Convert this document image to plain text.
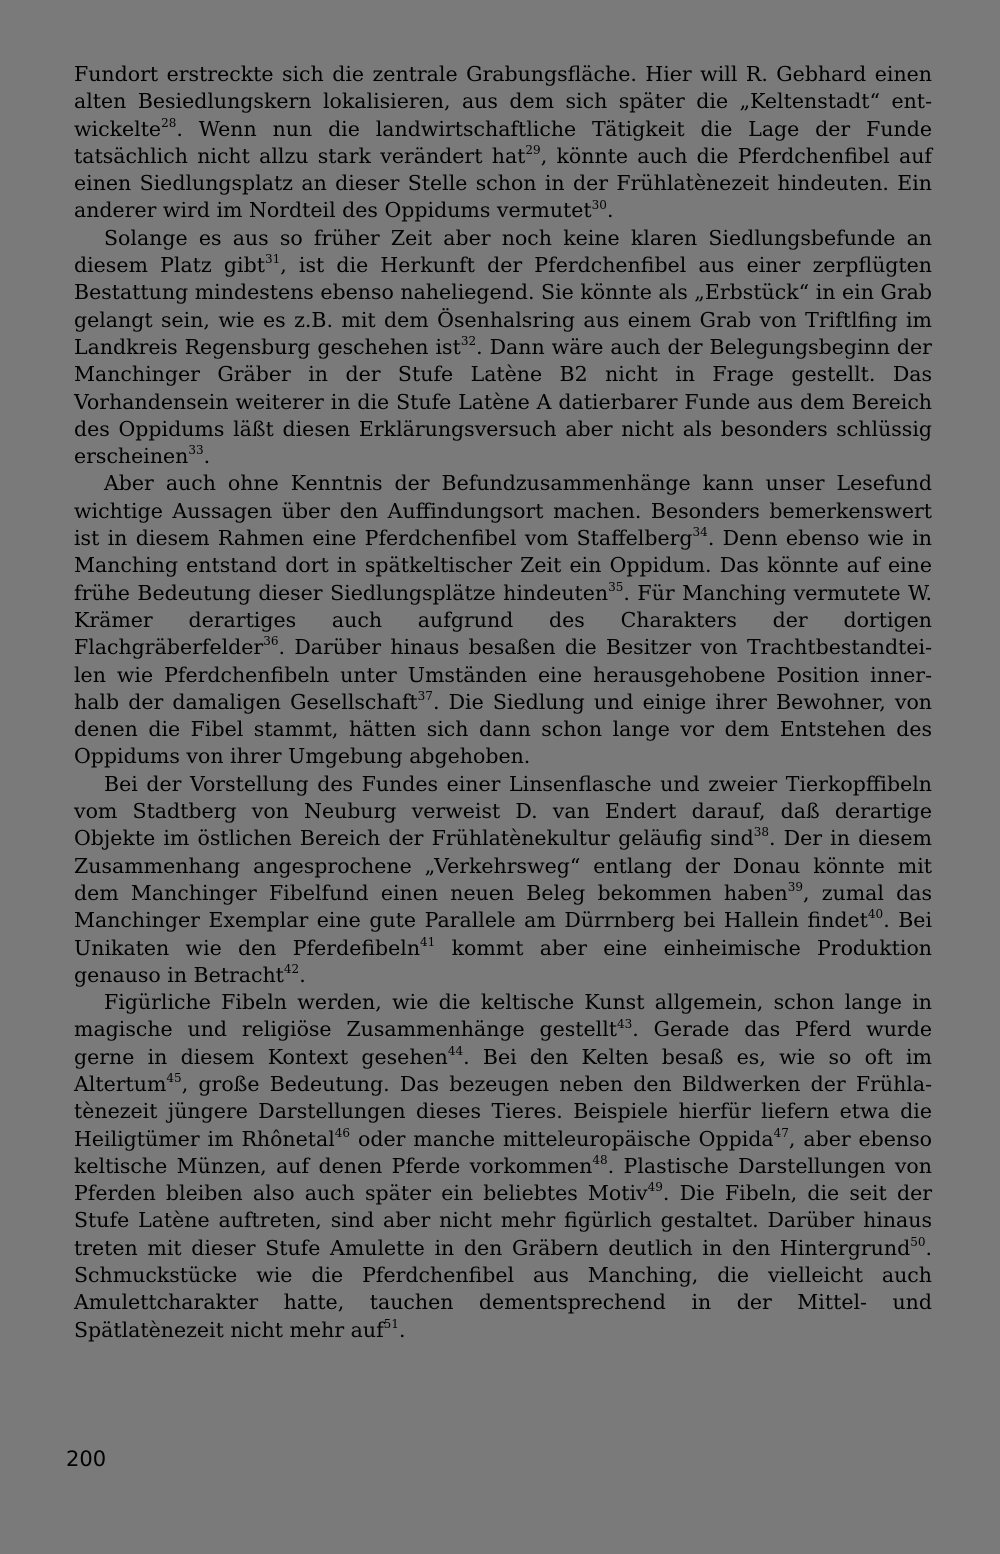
Fundort erstreckte sich die zentrale Grabungsfläche. Hier will R. Gebhard einen alten Besiedlungskern lokalisieren, aus dem sich später die „Keltenstadt“ entwickelte$^{28}$. Wenn nun die landwirtschaftliche Tätigkeit die Lage der Funde tatsächlich nicht allzu stark verändert hat$^{29}$, könnte auch die Pferdchenfibel auf einen Siedlungsplatz an dieser Stelle schon in der Frühlatènezeit hindeuten. Ein anderer wird im Nordteil des Oppidums vermutet$^{30}$.

Solange es aus so früher Zeit aber noch keine klaren Siedlungsbefunde an diesem Platz gibt$^{31}$, ist die Herkunft der Pferdchenfibel aus einer zerpflügten Bestattung mindestens ebenso naheliegend. Sie könnte als „Erbstück“ in ein Grab gelangt sein, wie es z.B. mit dem Ösenhalsring aus einem Grab von Triftlfing im Landkreis Regensburg geschehen ist$^{32}$. Dann wäre auch der Belegungsbeginn der Manchinger Gräber in der Stufe Latène B2 nicht in Frage gestellt. Das Vorhandensein weiterer in die Stufe Latène A datierbarer Funde aus dem Bereich des Oppidums läßt diesen Erklärungsversuch aber nicht als besonders schlüssig erscheinen$^{33}$.

Aber auch ohne Kenntnis der Befundzusammenhänge kann unser Lesefund wichtige Aussagen über den Auffindungsort machen. Besonders bemerkenswert ist in diesem Rahmen eine Pferdchenfibel vom Staffelberg$^{34}$. Denn ebenso wie in Manching entstand dort in spätkeltischer Zeit ein Oppidum. Das könnte auf eine frühe Bedeutung dieser Siedlungsplätze hindeuten$^{35}$. Für Manching vermutete W. Krämer derartiges auch aufgrund des Charakters der dortigen Flachgräberfelder$^{36}$. Darüber hinaus besaßen die Besitzer von Trachtbestandteilen wie Pferdchenfibeln unter Umständen eine herausgehobene Position innerhalb der damaligen Gesellschaft$^{37}$. Die Siedlung und einige ihrer Bewohner, von denen die Fibel stammt, hätten sich dann schon lange vor dem Entstehen des Oppidums von ihrer Umgebung abgehoben.

Bei der Vorstellung des Fundes einer Linsenflasche und zweier Tierkopffibeln vom Stadtberg von Neuburg verweist D. van Endert darauf, daß derartige Objekte im östlichen Bereich der Frühlatènekultur geläufig sind$^{38}$. Der in diesem Zusammenhang angesprochene „Verkehrsweg“ entlang der Donau könnte mit dem Manchinger Fibelfund einen neuen Beleg bekommen haben$^{39}$, zumal das Manchinger Exemplar eine gute Parallele am Dürrnberg bei Hallein findet$^{40}$. Bei Unikaten wie den Pferdefibeln$^{41}$ kommt aber eine einheimische Produktion genauso in Betracht$^{42}$.

Figürliche Fibeln werden, wie die keltische Kunst allgemein, schon lange in magische und religiöse Zusammenhänge gestellt$^{43}$. Gerade das Pferd wurde gerne in diesem Kontext gesehen$^{44}$. Bei den Kelten besaß es, wie so oft im Altertum$^{45}$, große Bedeutung. Das bezeugen neben den Bildwerken der Frühlatènezeit jüngere Darstellungen dieses Tieres. Beispiele hierfür liefern etwa die Heiligtümer im Rhônetal$^{46}$ oder manche mitteleuropäische Oppida$^{47}$, aber ebenso keltische Münzen, auf denen Pferde vorkommen$^{48}$. Plastische Darstellungen von Pferden bleiben also auch später ein beliebtes Motiv$^{49}$. Die Fibeln, die seit der Stufe Latène auftreten, sind aber nicht mehr figürlich gestaltet. Darüber hinaus treten mit dieser Stufe Amulette in den Gräbern deutlich in den Hintergrund$^{50}$. Schmuckstücke wie die Pferdchenfibel aus Manching, die vielleicht auch Amulettcharakter hatte, tauchen dementsprechend in der Mittel- und Spätlatènezeit nicht mehr auf$^{51}$.

200
